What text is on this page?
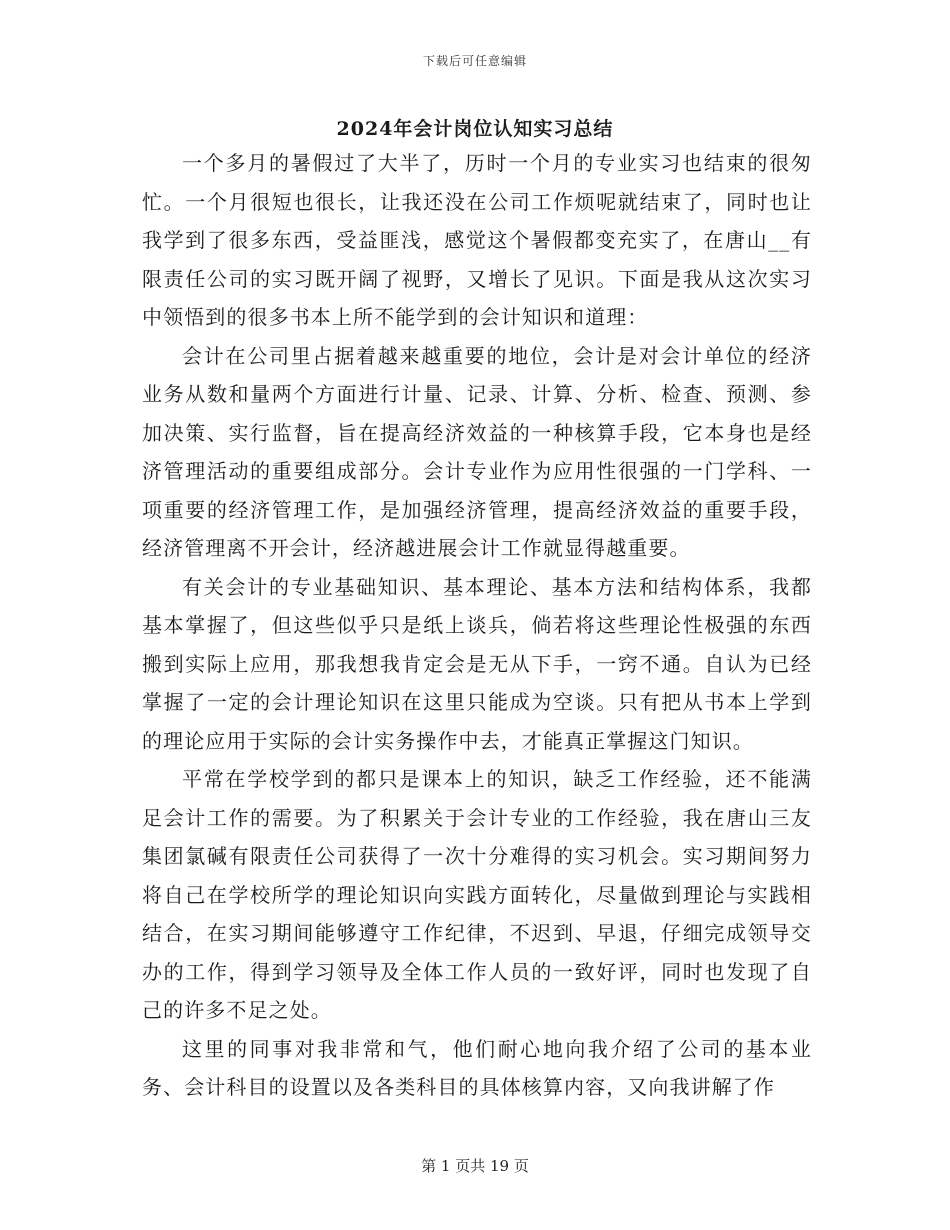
下载后可任意编辑
2024年会计岗位认知实习总结

一个多月的暑假过了大半了，历时一个月的专业实习也结束的很匆忙。一个月很短也很长，让我还没在公司工作烦呢就结束了，同时也让我学到了很多东西，受益匪浅，感觉这个暑假都变充实了，在唐山__有限责任公司的实习既开阔了视野，又增长了见识。下面是我从这次实习中领悟到的很多书本上所不能学到的会计知识和道理：

会计在公司里占据着越来越重要的地位，会计是对会计单位的经济业务从数和量两个方面进行计量、记录、计算、分析、检查、预测、参加决策、实行监督，旨在提高经济效益的一种核算手段，它本身也是经济管理活动的重要组成部分。会计专业作为应用性很强的一门学科、一项重要的经济管理工作，是加强经济管理，提高经济效益的重要手段，经济管理离不开会计，经济越进展会计工作就显得越重要。

有关会计的专业基础知识、基本理论、基本方法和结构体系，我都基本掌握了，但这些似乎只是纸上谈兵，倘若将这些理论性极强的东西搬到实际上应用，那我想我肯定会是无从下手，一窍不通。自认为已经掌握了一定的会计理论知识在这里只能成为空谈。只有把从书本上学到的理论应用于实际的会计实务操作中去，才能真正掌握这门知识。

平常在学校学到的都只是课本上的知识，缺乏工作经验，还不能满足会计工作的需要。为了积累关于会计专业的工作经验，我在唐山三友集团氯碱有限责任公司获得了一次十分难得的实习机会。实习期间努力将自己在学校所学的理论知识向实践方面转化，尽量做到理论与实践相结合，在实习期间能够遵守工作纪律，不迟到、早退，仔细完成领导交办的工作，得到学习领导及全体工作人员的一致好评，同时也发现了自己的许多不足之处。

这里的同事对我非常和气，他们耐心地向我介绍了公司的基本业务、会计科目的设置以及各类科目的具体核算内容，又向我讲解了作

第 1 页共 19 页
